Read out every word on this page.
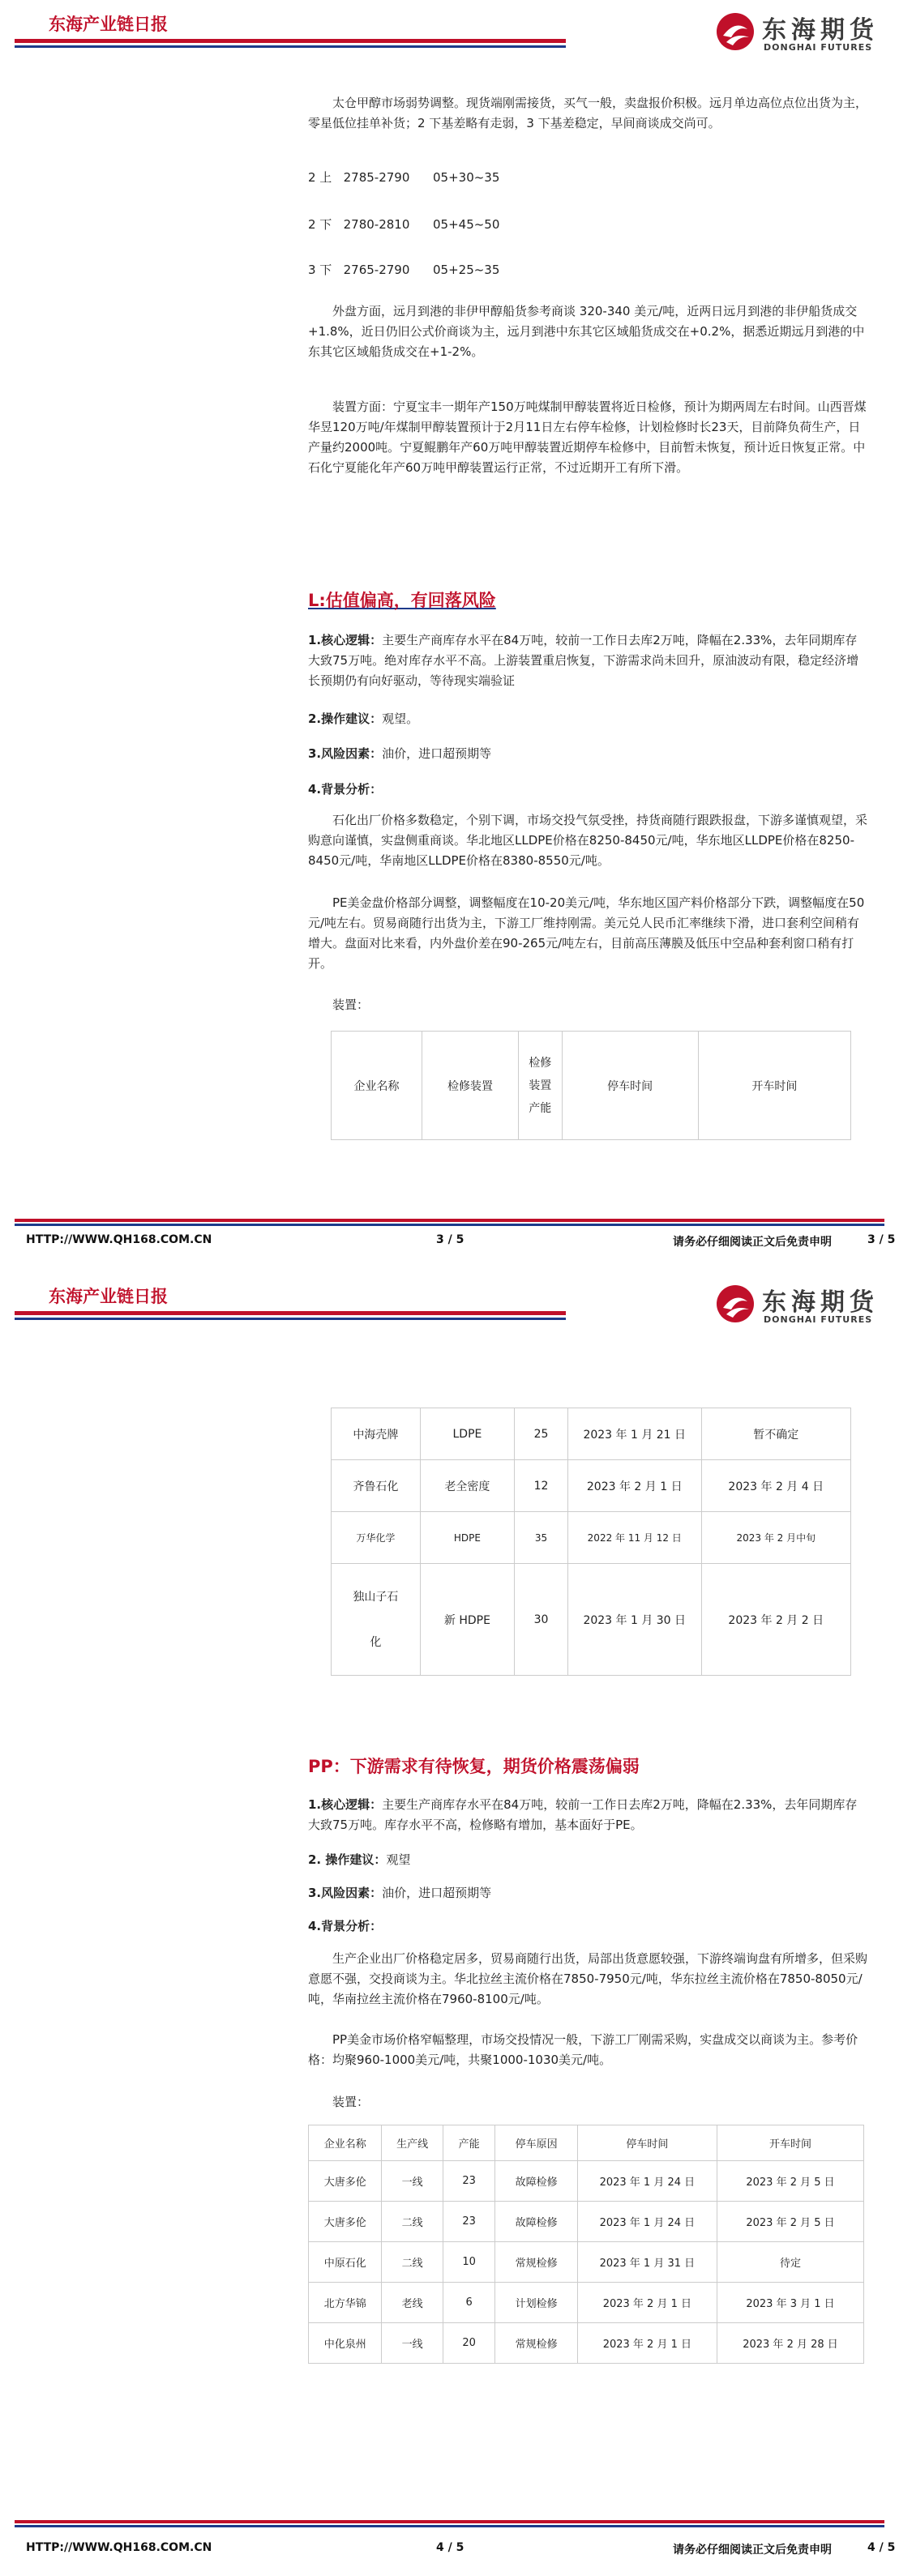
东海产业链日报	东海期货
DONGHAI FUTURES
太仓甲醇市场弱势调整。现货端刚需接货，买气一般，卖盘报价积极。远月单边高位点位出货为主，零星低位挂单补货；2 下基差略有走弱，3 下基差稳定，早间商谈成交尚可。
2 上 2785-2790 05+30~35
2 下 2780-2810 05+45~50
3 下 2765-2790 05+25~35
外盘方面，远月到港的非伊甲醇船货参考商谈 320-340 美元/吨，近两日远月到港的非伊船货成交+1.8%，近日仍旧公式价商谈为主，远月到港中东其它区域船货成交在+0.2%，据悉近期远月到港的中东其它区域船货成交在+1-2%。
装置方面：宁夏宝丰一期年产150万吨煤制甲醇装置将近日检修，预计为期两周左右时间。山西晋煤华昱120万吨/年煤制甲醇装置预计于2月11日左右停车检修，计划检修时长23天，目前降负荷生产，日产量约2000吨。宁夏鲲鹏年产60万吨甲醇装置近期停车检修中，目前暂未恢复，预计近日恢复正常。中石化宁夏能化年产60万吨甲醇装置运行正常，不过近期开工有所下滑。
L:估值偏高，有回落风险
1.核心逻辑：主要生产商库存水平在84万吨，较前一工作日去库2万吨，降幅在2.33%，去年同期库存大致75万吨。绝对库存水平不高。上游装置重启恢复，下游需求尚未回升，原油波动有限，稳定经济增长预期仍有向好驱动，等待现实端验证
2.操作建议：观望。
3.风险因素：油价，进口超预期等
4.背景分析：
石化出厂价格多数稳定，个别下调，市场交投气氛受挫，持货商随行跟跌报盘，下游多谨慎观望，采购意向谨慎，实盘侧重商谈。华北地区LLDPE价格在8250-8450元/吨，华东地区LLDPE价格在8250-8450元/吨，华南地区LLDPE价格在8380-8550元/吨。
PE美金盘价格部分调整，调整幅度在10-20美元/吨，华东地区国产料价格部分下跌，调整幅度在50元/吨左右。贸易商随行出货为主，下游工厂维持刚需。美元兑人民币汇率继续下滑，进口套利空间稍有增大。盘面对比来看，内外盘价差在90-265元/吨左右，目前高压薄膜及低压中空品种套利窗口稍有打开。
装置：
企业名称	检修装置	检修装置产能	停车时间	开车时间
HTTP://WWW.QH168.COM.CN	3 / 5	请务必仔细阅读正文后免责申明	3 / 5
东海产业链日报	东海期货
DONGHAI FUTURES
中海壳牌	LDPE	25	2023 年 1 月 21 日	暂不确定
齐鲁石化	老全密度	12	2023 年 2 月 1 日	2023 年 2 月 4 日
万华化学	HDPE	35	2022 年 11 月 12 日	2023 年 2 月中旬
独山子石化	新 HDPE	30	2023 年 1 月 30 日	2023 年 2 月 2 日
PP：下游需求有待恢复，期货价格震荡偏弱
1.核心逻辑：主要生产商库存水平在84万吨，较前一工作日去库2万吨，降幅在2.33%，去年同期库存大致75万吨。库存水平不高，检修略有增加，基本面好于PE。
2. 操作建议：观望
3.风险因素：油价，进口超预期等
4.背景分析：
生产企业出厂价格稳定居多，贸易商随行出货，局部出货意愿较强，下游终端询盘有所增多，但采购意愿不强，交投商谈为主。华北拉丝主流价格在7850-7950元/吨，华东拉丝主流价格在7850-8050元/吨，华南拉丝主流价格在7960-8100元/吨。
PP美金市场价格窄幅整理，市场交投情况一般，下游工厂刚需采购，实盘成交以商谈为主。参考价格：均聚960-1000美元/吨，共聚1000-1030美元/吨。
装置：
企业名称	生产线	产能	停车原因	停车时间	开车时间
大唐多伦	一线	23	故障检修	2023 年 1 月 24 日	2023 年 2 月 5 日
大唐多伦	二线	23	故障检修	2023 年 1 月 24 日	2023 年 2 月 5 日
中原石化	二线	10	常规检修	2023 年 1 月 31 日	待定
北方华锦	老线	6	计划检修	2023 年 2 月 1 日	2023 年 3 月 1 日
中化泉州	一线	20	常规检修	2023 年 2 月 1 日	2023 年 2 月 28 日
HTTP://WWW.QH168.COM.CN	4 / 5	请务必仔细阅读正文后免责申明	4 / 5
